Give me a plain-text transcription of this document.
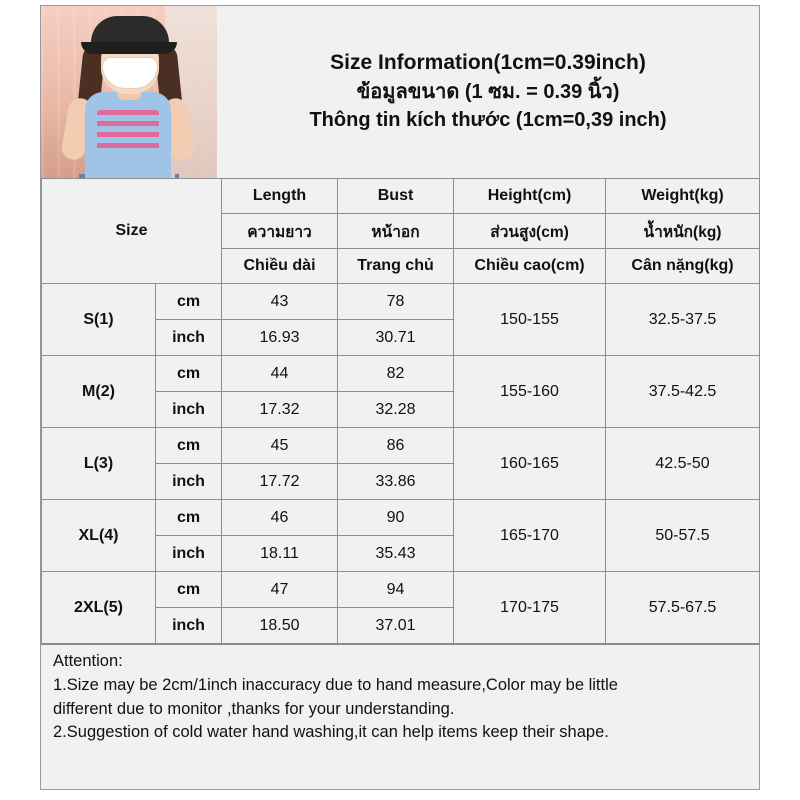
Size Information(1cm=0.39inch)
ข้อมูลขนาด (1 ซม. = 0.39 นิ้ว)
Thông tin kích thước (1cm=0,39 inch)
Size		Length	Bust	Height(cm)	Weight(kg)
		ความยาว	หน้าอก	ส่วนสูง(cm)	น้ำหนัก(kg)
		Chiều dài	Trang chủ	Chiều cao(cm)	Cân nặng(kg)
S(1)	cm	43	78	150-155	32.5-37.5
	inch	16.93	30.71		
M(2)	cm	44	82	155-160	37.5-42.5
	inch	17.32	32.28		
L(3)	cm	45	86	160-165	42.5-50
	inch	17.72	33.86		
XL(4)	cm	46	90	165-170	50-57.5
	inch	18.11	35.43		
2XL(5)	cm	47	94	170-175	57.5-67.5
	inch	18.50	37.01		

Attention:

1.Size may be 2cm/1inch inaccuracy due to hand measure,Color may be little

different due to monitor ,thanks for your understanding.

2.Suggestion of cold water hand washing,it can help items keep their shape.
